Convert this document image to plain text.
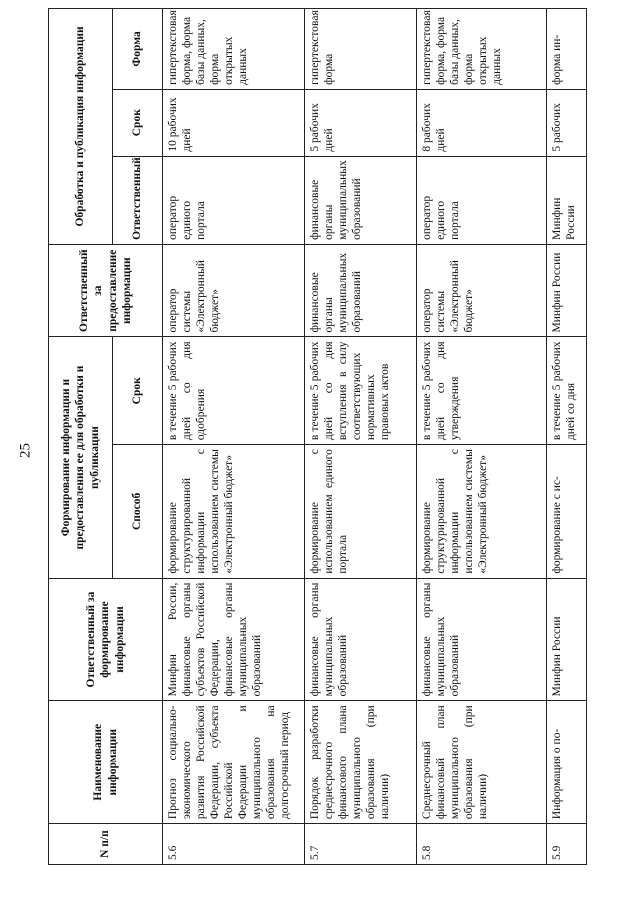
25
N п/п	Наименование информации	Ответственный за формирование информации	Формирование информации и предоставления ее для обработки и публикации		Ответственный за предоставление информации	Обработка и публикация информации		
			Способ	Срок		Ответственный	Срок	Форма
5.6	Прогноз социально-экономического развития Российской Федерации, субъекта Российской Федерации и муниципального образования на долгосрочный период	Минфин России, финансовые органы субъектов Российской Федерации, финансовые органы муниципальных образований	формирование структурированной информации с использованием системы «Электронный бюджет»	в течение 5 рабочих дней со дня одобрения	оператор системы «Электронный бюджет»	оператор единого портала	10 рабочих дней	гипертекстовая форма, форма базы данных, форма открытых данных
5.7	Порядок разработки среднесрочного финансового плана муниципального образования (при наличии)	финансовые органы муниципальных образований	формирование с использованием единого портала	в течение 5 рабочих дней со дня вступления в силу соответствующих нормативных правовых актов	финансовые органы муниципальных образований	финансовые органы муниципальных образований	5 рабочих дней	гипертекстовая форма
5.8	Среднесрочный финансовый план муниципального образования (при наличии)	финансовые органы муниципальных образований	формирование структурированной информации с использованием системы «Электронный бюджет»	в течение 5 рабочих дней со дня утверждения	оператор системы «Электронный бюджет»	оператор единого портала	8 рабочих дней	гипертекстовая форма, форма базы данных, форма открытых данных
5.9	Информация о по-	Минфин России	формирование с ис-	в течение 5 рабочих дней со дня	Минфин России	Минфин России	5 рабочих	форма ин-
